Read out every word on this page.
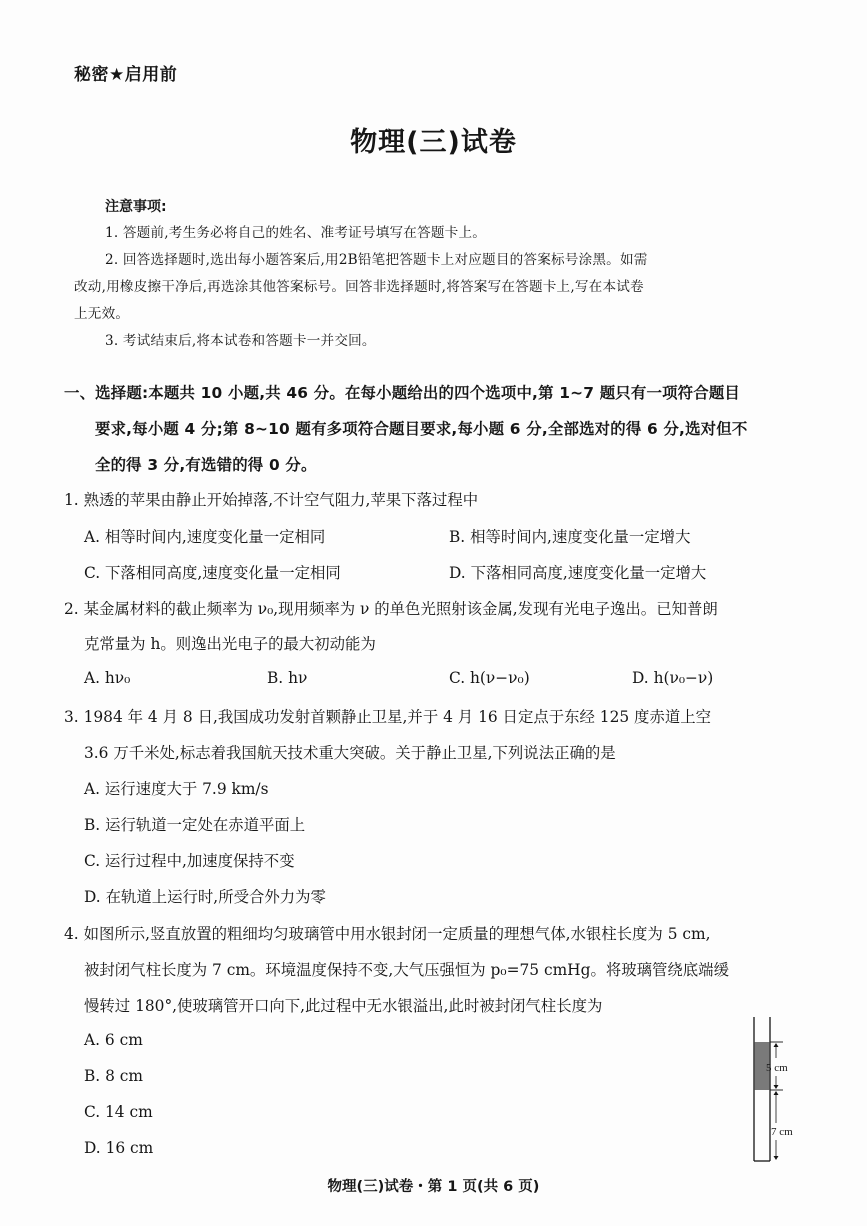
秘密★启用前
物理(三)试卷
注意事项:
1. 答题前,考生务必将自己的姓名、准考证号填写在答题卡上。
2. 回答选择题时,选出每小题答案后,用2B铅笔把答题卡上对应题目的答案标号涂黑。如需
改动,用橡皮擦干净后,再选涂其他答案标号。回答非选择题时,将答案写在答题卡上,写在本试卷
上无效。
3. 考试结束后,将本试卷和答题卡一并交回。
一、选择题:本题共 10 小题,共 46 分。在每小题给出的四个选项中,第 1~7 题只有一项符合题目
要求,每小题 4 分;第 8~10 题有多项符合题目要求,每小题 6 分,全部选对的得 6 分,选对但不
全的得 3 分,有选错的得 0 分。
1. 熟透的苹果由静止开始掉落,不计空气阻力,苹果下落过程中
A. 相等时间内,速度变化量一定相同	B. 相等时间内,速度变化量一定增大
C. 下落相同高度,速度变化量一定相同	D. 下落相同高度,速度变化量一定增大
2. 某金属材料的截止频率为 ν₀,现用频率为 ν 的单色光照射该金属,发现有光电子逸出。已知普朗
克常量为 h。则逸出光电子的最大初动能为
A. hν₀	B. hν	C. h(ν−ν₀)	D. h(ν₀−ν)
3. 1984 年 4 月 8 日,我国成功发射首颗静止卫星,并于 4 月 16 日定点于东经 125 度赤道上空
3.6 万千米处,标志着我国航天技术重大突破。关于静止卫星,下列说法正确的是
A. 运行速度大于 7.9 km/s
B. 运行轨道一定处在赤道平面上
C. 运行过程中,加速度保持不变
D. 在轨道上运行时,所受合外力为零
4. 如图所示,竖直放置的粗细均匀玻璃管中用水银封闭一定质量的理想气体,水银柱长度为 5 cm,
被封闭气柱长度为 7 cm。环境温度保持不变,大气压强恒为 p₀=75 cmHg。将玻璃管绕底端缓
慢转过 180°,使玻璃管开口向下,此过程中无水银溢出,此时被封闭气柱长度为
A. 6 cm
B. 8 cm
C. 14 cm
D. 16 cm
5 cm
7 cm
物理(三)试卷・第 1 页(共 6 页)
